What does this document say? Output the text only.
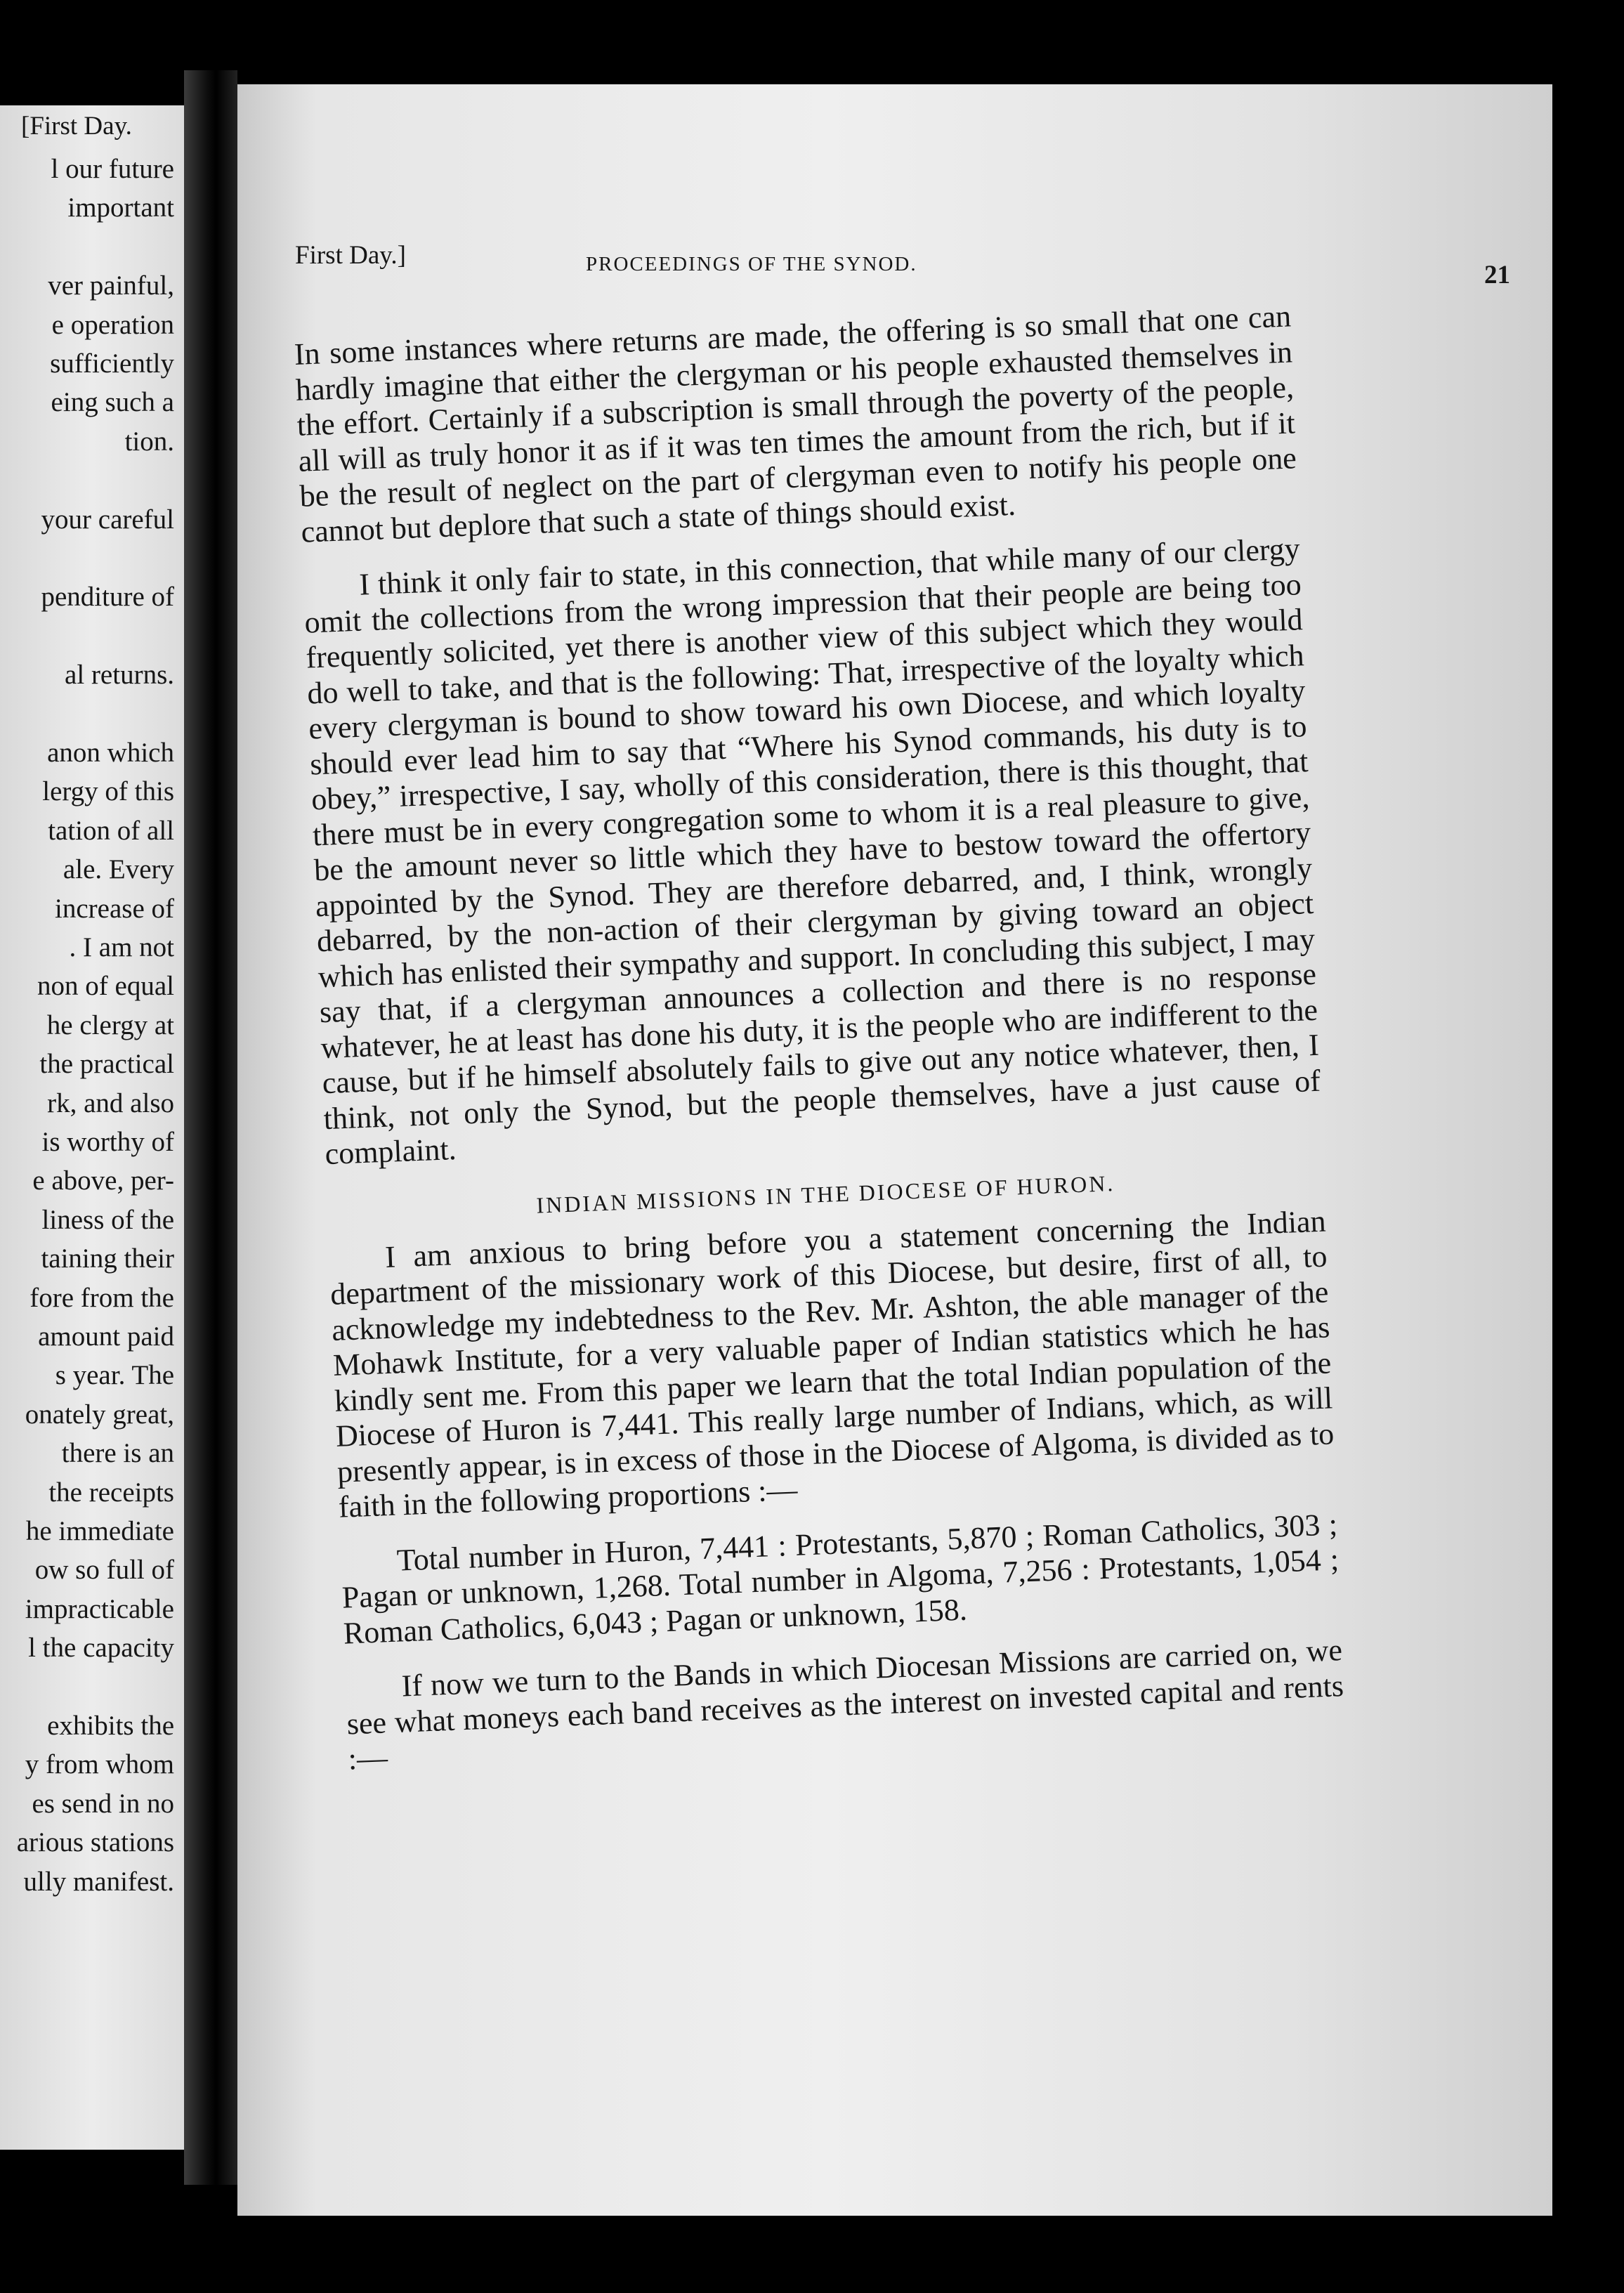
[First Day.
l our future
important
ver painful,
e operation
sufficiently
eing such a
tion.
your careful
penditure of
al returns.
anon which
lergy of this
tation of all
ale. Every
increase of
. I am not
non of equal
he clergy at
the practical
rk, and also
is worthy of
e above, per-
liness of the
taining their
fore from the
amount paid
s year. The
onately great,
there is an
the receipts
he immediate
ow so full of
impracticable
l the capacity
exhibits the
y from whom
es send in no
arious stations
ully manifest.
First Day.]	PROCEEDINGS OF THE SYNOD.	21

In some instances where returns are made, the offering is so small that one can hardly imagine that either the clergyman or his people exhausted themselves in the effort. Certainly if a subscription is small through the poverty of the people, all will as truly honor it as if it was ten times the amount from the rich, but if it be the result of neglect on the part of clergyman even to notify his people one cannot but deplore that such a state of things should exist.

I think it only fair to state, in this connection, that while many of our clergy omit the collections from the wrong impression that their people are being too frequently solicited, yet there is another view of this subject which they would do well to take, and that is the following: That, irrespective of the loyalty which every clergyman is bound to show toward his own Diocese, and which loyalty should ever lead him to say that “Where his Synod commands, his duty is to obey,” irrespective, I say, wholly of this consideration, there is this thought, that there must be in every congregation some to whom it is a real pleasure to give, be the amount never so little which they have to bestow toward the offertory appointed by the Synod. They are therefore debarred, and, I think, wrongly debarred, by the non-action of their clergyman by giving toward an object which has enlisted their sympathy and support. In concluding this subject, I may say that, if a clergyman announces a collection and there is no response whatever, he at least has done his duty, it is the people who are indifferent to the cause, but if he himself absolutely fails to give out any notice whatever, then, I think, not only the Synod, but the people themselves, have a just cause of complaint.

INDIAN MISSIONS IN THE DIOCESE OF HURON.

I am anxious to bring before you a statement concerning the Indian department of the missionary work of this Diocese, but desire, first of all, to acknowledge my indebtedness to the Rev. Mr. Ashton, the able manager of the Mohawk Institute, for a very valuable paper of Indian statistics which he has kindly sent me. From this paper we learn that the total Indian population of the Diocese of Huron is 7,441. This really large number of Indians, which, as will presently appear, is in excess of those in the Diocese of Algoma, is divided as to faith in the following proportions :—

Total number in Huron, 7,441 : Protestants, 5,870 ; Roman Catholics, 303 ; Pagan or unknown, 1,268. Total number in Algoma, 7,256 : Protestants, 1,054 ; Roman Catholics, 6,043 ; Pagan or unknown, 158.

If now we turn to the Bands in which Diocesan Missions are carried on, we see what moneys each band receives as the interest on invested capital and rents :—
